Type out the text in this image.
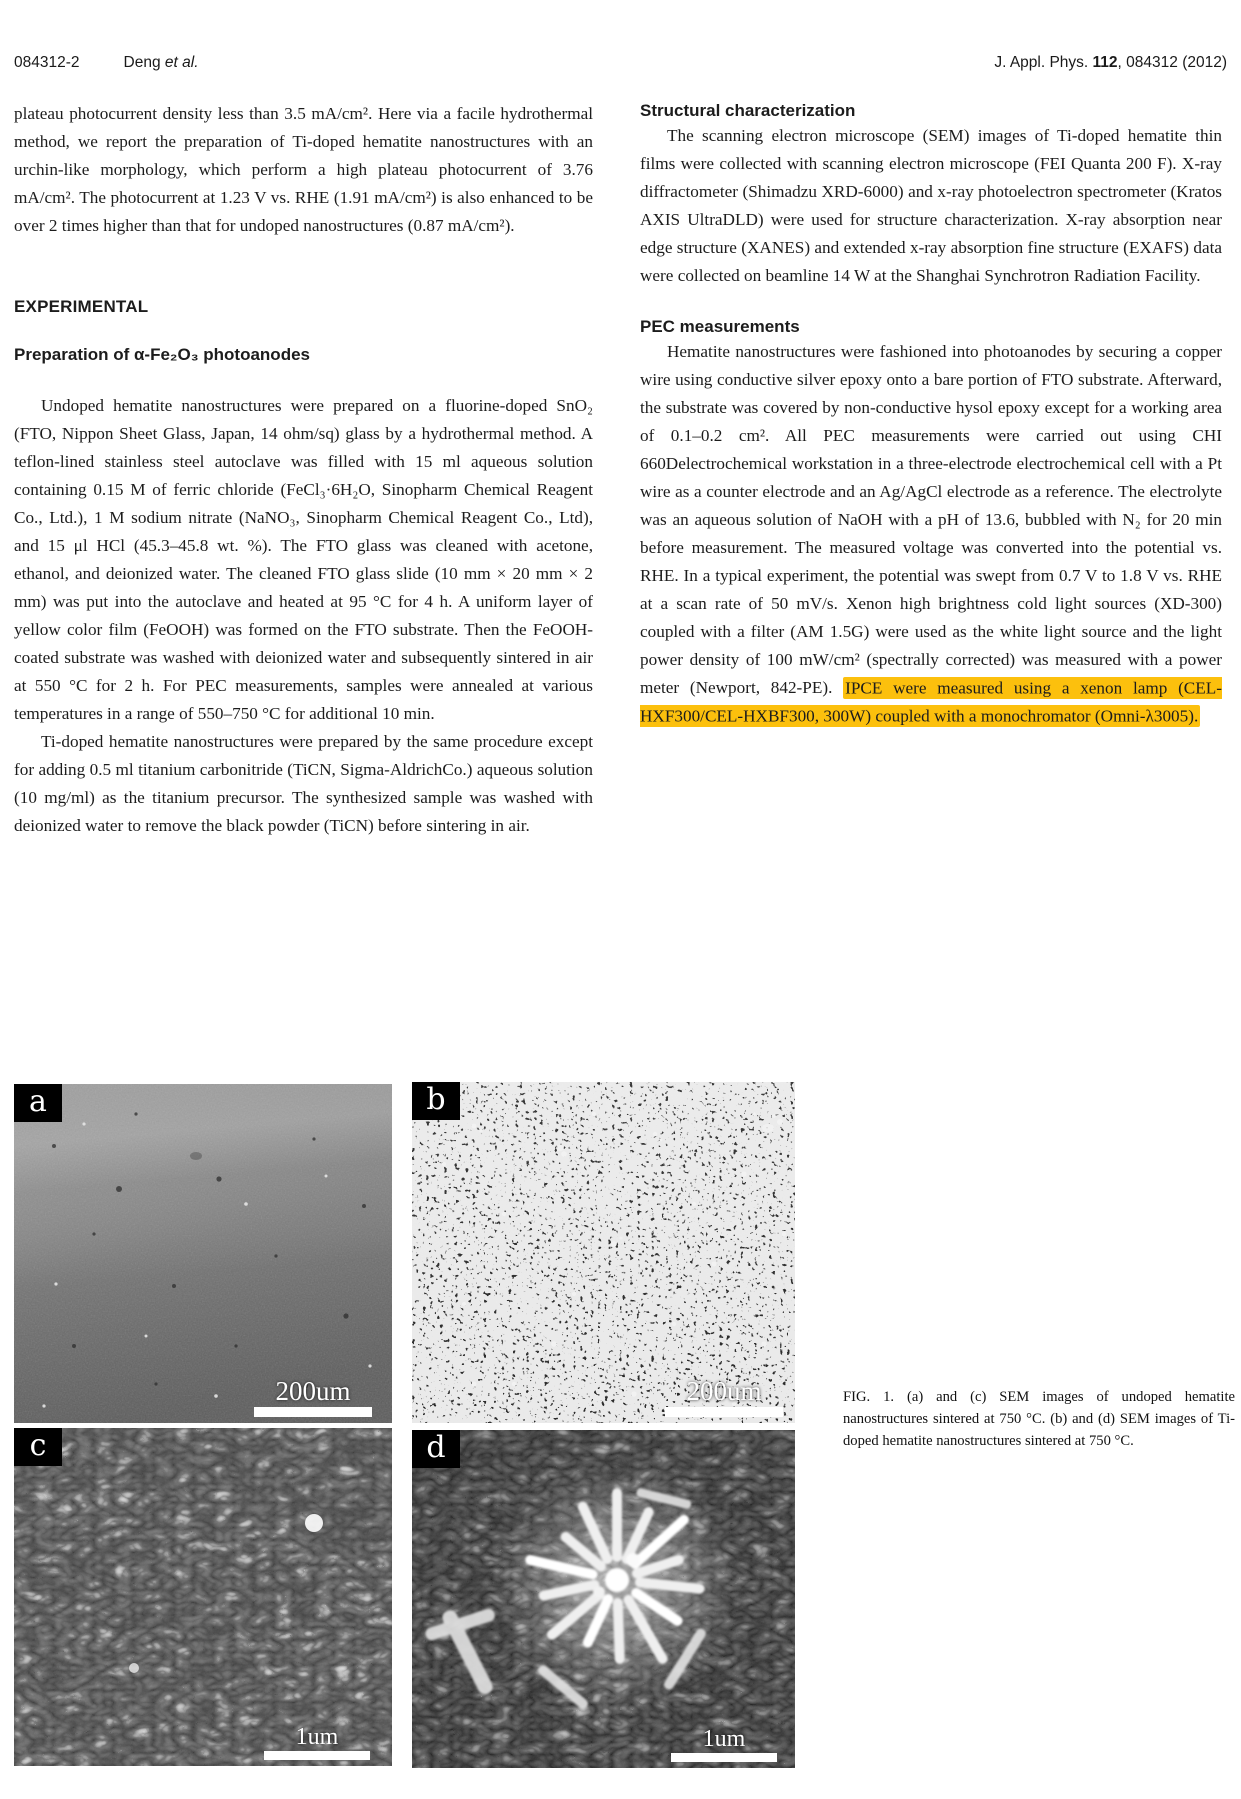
084312-2	Deng et al.	J. Appl. Phys. 112, 084312 (2012)

plateau photocurrent density less than 3.5 mA/cm². Here via a facile hydrothermal method, we report the preparation of Ti-doped hematite nanostructures with an urchin-like morphology, which perform a high plateau photocurrent of 3.76 mA/cm². The photocurrent at 1.23 V vs. RHE (1.91 mA/cm²) is also enhanced to be over 2 times higher than that for undoped nanostructures (0.87 mA/cm²).

EXPERIMENTAL
Preparation of α-Fe₂O₃ photoanodes

Undoped hematite nanostructures were prepared on a fluorine-doped SnO₂ (FTO, Nippon Sheet Glass, Japan, 14 ohm/sq) glass by a hydrothermal method. A teflon-lined stainless steel autoclave was filled with 15 ml aqueous solution containing 0.15 M of ferric chloride (FeCl₃·6H₂O, Sinopharm Chemical Reagent Co., Ltd.), 1 M sodium nitrate (NaNO₃, Sinopharm Chemical Reagent Co., Ltd), and 15 μl HCl (45.3–45.8 wt. %). The FTO glass was cleaned with acetone, ethanol, and deionized water. The cleaned FTO glass slide (10 mm × 20 mm × 2 mm) was put into the autoclave and heated at 95 °C for 4 h. A uniform layer of yellow color film (FeOOH) was formed on the FTO substrate. Then the FeOOH-coated substrate was washed with deionized water and subsequently sintered in air at 550 °C for 2 h. For PEC measurements, samples were annealed at various temperatures in a range of 550–750 °C for additional 10 min.

Ti-doped hematite nanostructures were prepared by the same procedure except for adding 0.5 ml titanium carbonitride (TiCN, Sigma-AldrichCo.) aqueous solution (10 mg/ml) as the titanium precursor. The synthesized sample was washed with deionized water to remove the black powder (TiCN) before sintering in air.

Structural characterization

The scanning electron microscope (SEM) images of Ti-doped hematite thin films were collected with scanning electron microscope (FEI Quanta 200 F). X-ray diffractometer (Shimadzu XRD-6000) and x-ray photoelectron spectrometer (Kratos AXIS UltraDLD) were used for structure characterization. X-ray absorption near edge structure (XANES) and extended x-ray absorption fine structure (EXAFS) data were collected on beamline 14 W at the Shanghai Synchrotron Radiation Facility.

PEC measurements

Hematite nanostructures were fashioned into photoanodes by securing a copper wire using conductive silver epoxy onto a bare portion of FTO substrate. Afterward, the substrate was covered by non-conductive hysol epoxy except for a working area of 0.1–0.2 cm². All PEC measurements were carried out using CHI 660Delectrochemical workstation in a three-electrode electrochemical cell with a Pt wire as a counter electrode and an Ag/AgCl electrode as a reference. The electrolyte was an aqueous solution of NaOH with a pH of 13.6, bubbled with N₂ for 20 min before measurement. The measured voltage was converted into the potential vs. RHE. In a typical experiment, the potential was swept from 0.7 V to 1.8 V vs. RHE at a scan rate of 50 mV/s. Xenon high brightness cold light sources (XD-300) coupled with a filter (AM 1.5G) were used as the white light source and the light power density of 100 mW/cm² (spectrally corrected) was measured with a power meter (Newport, 842-PE). IPCE were measured using a xenon lamp (CEL-HXF300/CEL-HXBF300, 300W) coupled with a monochromator (Omni-λ3005).

a
200um
b
200um
c
1um
d
1um
FIG. 1. (a) and (c) SEM images of undoped hematite nanostructures sintered at 750 °C. (b) and (d) SEM images of Ti-doped hematite nanostructures sintered at 750 °C.
